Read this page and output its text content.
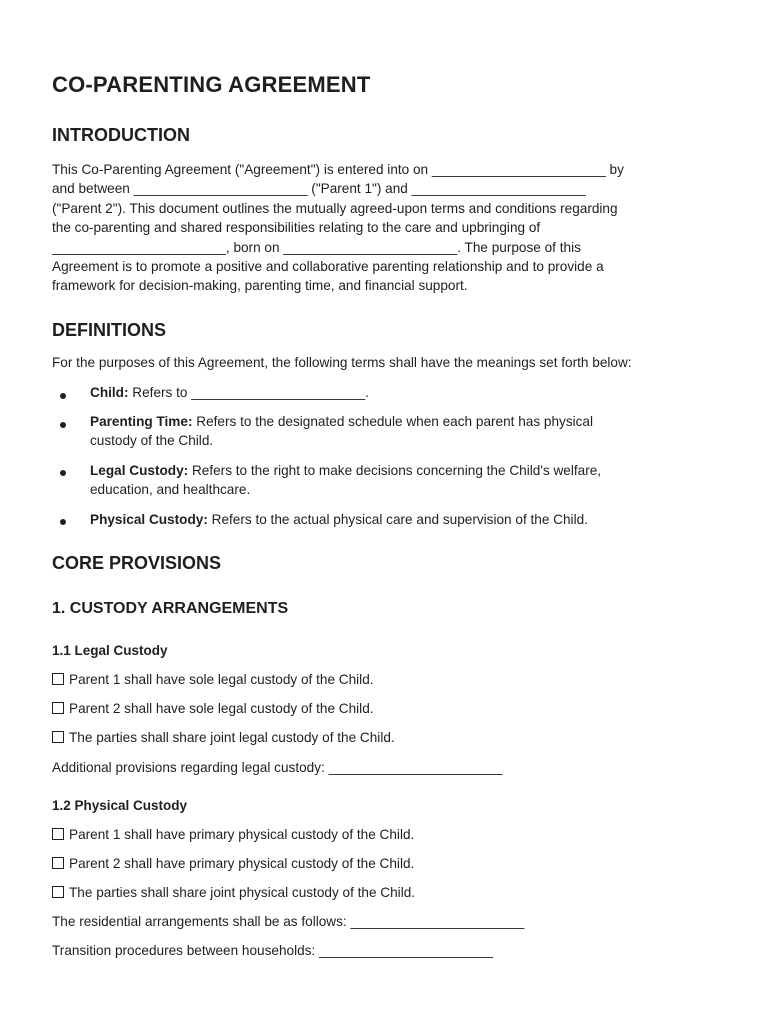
CO-PARENTING AGREEMENT
INTRODUCTION
This Co-Parenting Agreement ("Agreement") is entered into on _______________________ by
and between _______________________ ("Parent 1") and _______________________
("Parent 2"). This document outlines the mutually agreed-upon terms and conditions regarding
the co-parenting and shared responsibilities relating to the care and upbringing of
_______________________, born on _______________________. The purpose of this
Agreement is to promote a positive and collaborative parenting relationship and to provide a
framework for decision-making, parenting time, and financial support.
DEFINITIONS

For the purposes of this Agreement, the following terms shall have the meanings set forth below:

Child: Refers to _______________________.

Parenting Time: Refers to the designated schedule when each parent has physical
custody of the Child.

Legal Custody: Refers to the right to make decisions concerning the Child's welfare,
education, and healthcare.

Physical Custody: Refers to the actual physical care and supervision of the Child.

CORE PROVISIONS
1. CUSTODY ARRANGEMENTS
1.1 Legal Custody

Parent 1 shall have sole legal custody of the Child.

Parent 2 shall have sole legal custody of the Child.

The parties shall share joint legal custody of the Child.

Additional provisions regarding legal custody: _______________________

1.2 Physical Custody

Parent 1 shall have primary physical custody of the Child.

Parent 2 shall have primary physical custody of the Child.

The parties shall share joint physical custody of the Child.

The residential arrangements shall be as follows: _______________________

Transition procedures between households: _______________________
